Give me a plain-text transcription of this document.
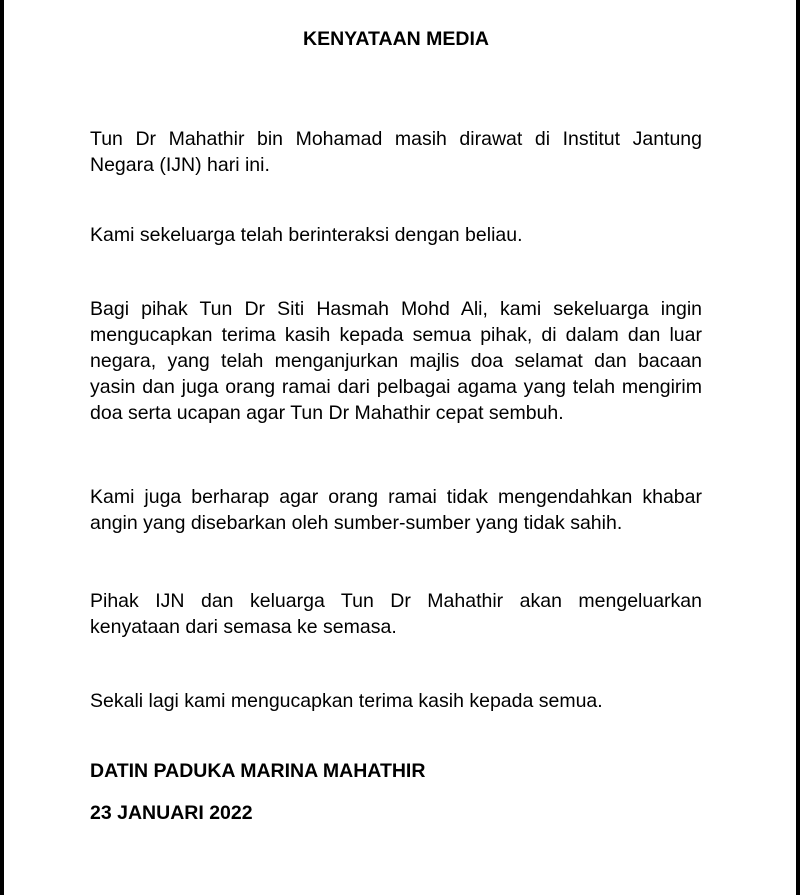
KENYATAAN MEDIA

Tun Dr Mahathir bin Mohamad masih dirawat di Institut Jantung Negara (IJN) hari ini.

Kami sekeluarga telah berinteraksi dengan beliau.

Bagi pihak Tun Dr Siti Hasmah Mohd Ali, kami sekeluarga ingin mengucapkan terima kasih kepada semua pihak, di dalam dan luar negara, yang telah menganjurkan majlis doa selamat dan bacaan yasin dan juga orang ramai dari pelbagai agama yang telah mengirim doa serta ucapan agar Tun Dr Mahathir cepat sembuh.

Kami juga berharap agar orang ramai tidak mengendahkan khabar angin yang disebarkan oleh sumber-sumber yang tidak sahih.

Pihak IJN dan keluarga Tun Dr Mahathir akan mengeluarkan kenyataan dari semasa ke semasa.

Sekali lagi kami mengucapkan terima kasih kepada semua.

DATIN PADUKA MARINA MAHATHIR

23 JANUARI 2022
